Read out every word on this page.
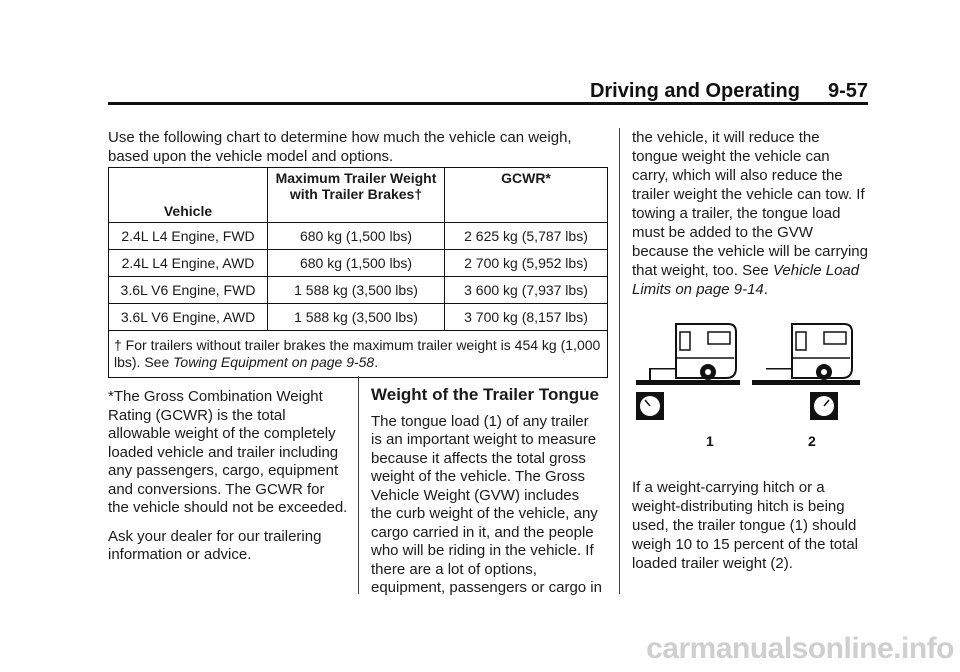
Driving and Operating 9-57
Use the following chart to determine how much the vehicle can weigh, based upon the vehicle model and options.
Vehicle	Maximum Trailer Weight with Trailer Brakes†	GCWR*
2.4L L4 Engine, FWD	680 kg (1,500 lbs)	2 625 kg (5,787 lbs)
2.4L L4 Engine, AWD	680 kg (1,500 lbs)	2 700 kg (5,952 lbs)
3.6L V6 Engine, FWD	1 588 kg (3,500 lbs)	3 600 kg (7,937 lbs)
3.6L V6 Engine, AWD	1 588 kg (3,500 lbs)	3 700 kg (8,157 lbs)
† For trailers without trailer brakes the maximum trailer weight is 454 kg (1,000 lbs). See Towing Equipment on page 9-58.		

*The Gross Combination Weight Rating (GCWR) is the total allowable weight of the completely loaded vehicle and trailer including any passengers, cargo, equipment and conversions. The GCWR for the vehicle should not be exceeded.

Ask your dealer for our trailering information or advice.

Weight of the Trailer Tongue

The tongue load (1) of any trailer is an important weight to measure because it affects the total gross weight of the vehicle. The Gross Vehicle Weight (GVW) includes the curb weight of the vehicle, any cargo carried in it, and the people who will be riding in the vehicle. If there are a lot of options, equipment, passengers or cargo in

the vehicle, it will reduce the tongue weight the vehicle can carry, which will also reduce the trailer weight the vehicle can tow. If towing a trailer, the tongue load must be added to the GVW because the vehicle will be carrying that weight, too. See Vehicle Load Limits on page 9-14.

1	2

If a weight-carrying hitch or a weight-distributing hitch is being used, the trailer tongue (1) should weigh 10 to 15 percent of the total loaded trailer weight (2).

carmanualsonline.info
